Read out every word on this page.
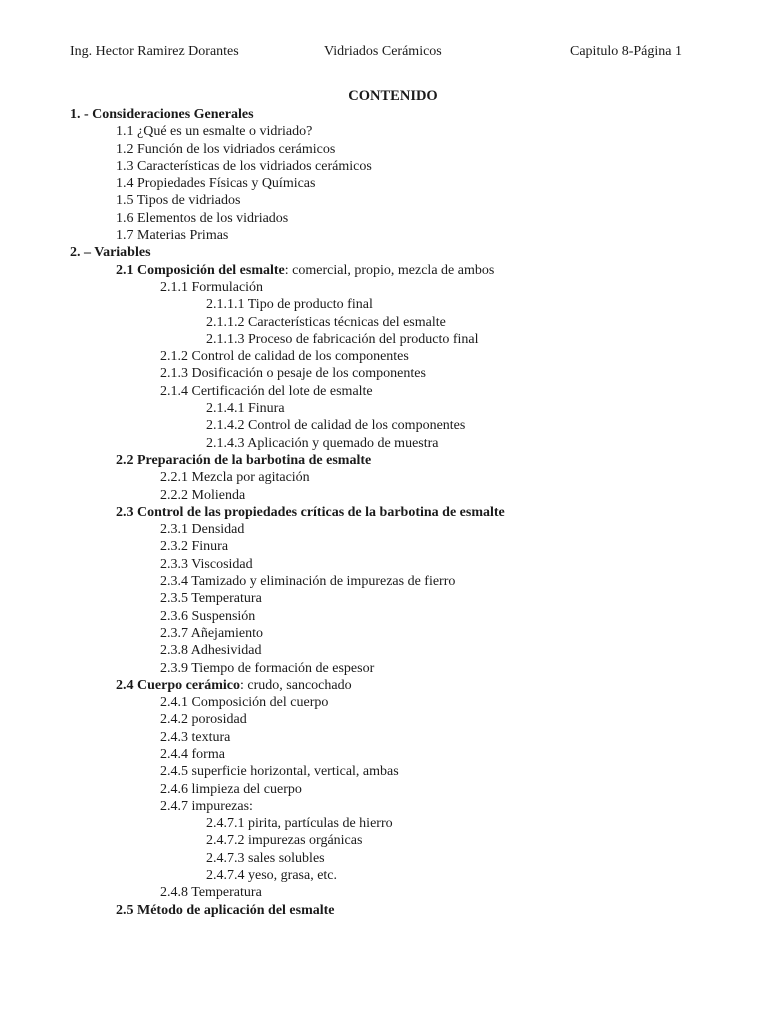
Ing. Hector Ramirez Dorantes	Vidriados Cerámicos	Capitulo 8-Página 1
CONTENIDO
1. - Consideraciones Generales
1.1 ¿Qué es un esmalte o vidriado?
1.2 Función de los vidriados cerámicos
1.3 Características de los vidriados cerámicos
1.4 Propiedades Físicas y Químicas
1.5 Tipos de vidriados
1.6 Elementos de los vidriados
1.7 Materias Primas
2. – Variables
2.1 Composición del esmalte: comercial, propio, mezcla de ambos
2.1.1 Formulación
2.1.1.1 Tipo de producto final
2.1.1.2 Características técnicas del esmalte
2.1.1.3 Proceso de fabricación del producto final
2.1.2 Control de calidad de los componentes
2.1.3 Dosificación o pesaje de los componentes
2.1.4 Certificación del lote de esmalte
2.1.4.1 Finura
2.1.4.2 Control de calidad de los componentes
2.1.4.3 Aplicación y quemado de muestra
2.2 Preparación de la barbotina de esmalte
2.2.1 Mezcla por agitación
2.2.2 Molienda
2.3 Control de las propiedades críticas de la barbotina de esmalte
2.3.1 Densidad
2.3.2 Finura
2.3.3 Viscosidad
2.3.4 Tamizado y eliminación de impurezas de fierro
2.3.5 Temperatura
2.3.6 Suspensión
2.3.7 Añejamiento
2.3.8 Adhesividad
2.3.9 Tiempo de formación de espesor
2.4 Cuerpo cerámico: crudo, sancochado
2.4.1 Composición del cuerpo
2.4.2 porosidad
2.4.3 textura
2.4.4 forma
2.4.5 superficie horizontal, vertical, ambas
2.4.6 limpieza del cuerpo
2.4.7 impurezas:
2.4.7.1 pirita, partículas de hierro
2.4.7.2 impurezas orgánicas
2.4.7.3 sales solubles
2.4.7.4 yeso, grasa, etc.
2.4.8 Temperatura
2.5 Método de aplicación del esmalte
